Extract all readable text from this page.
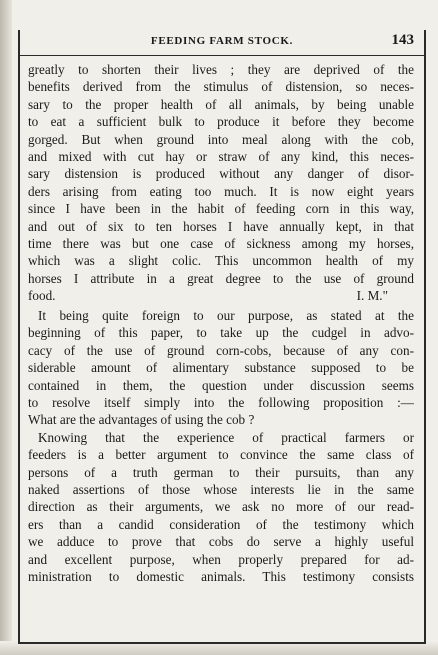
FEEDING FARM STOCK.	143
greatly to shorten their lives ; they are deprived of the
benefits derived from the stimulus of distension, so neces-
sary to the proper health of all animals, by being unable
to eat a sufficient bulk to produce it before they become
gorged. But when ground into meal along with the cob,
and mixed with cut hay or straw of any kind, this neces-
sary distension is produced without any danger of disor-
ders arising from eating too much. It is now eight years
since I have been in the habit of feeding corn in this way,
and out of six to ten horses I have annually kept, in that
time there was but one case of sickness among my horses,
which was a slight colic. This uncommon health of my
horses I attribute in a great degree to the use of ground
food.	I. M."
It being quite foreign to our purpose, as stated at the
beginning of this paper, to take up the cudgel in advo-
cacy of the use of ground corn-cobs, because of any con-
siderable amount of alimentary substance supposed to be
contained in them, the question under discussion seems
to resolve itself simply into the following proposition :—
What are the advantages of using the cob ?
Knowing that the experience of practical farmers or
feeders is a better argument to convince the same class of
persons of a truth german to their pursuits, than any
naked assertions of those whose interests lie in the same
direction as their arguments, we ask no more of our read-
ers than a candid consideration of the testimony which
we adduce to prove that cobs do serve a highly useful
and excellent purpose, when properly prepared for ad-
ministration to domestic animals. This testimony consists
